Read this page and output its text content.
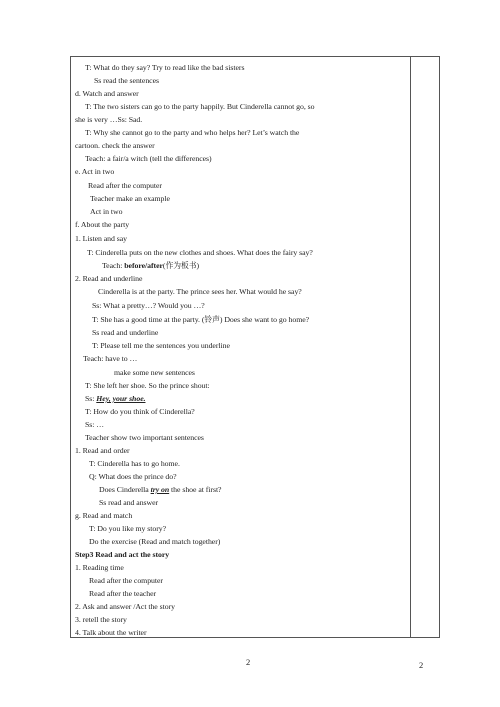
T: What do they say? Try to read like the bad sisters
Ss read the sentences
d. Watch and answer
T: The two sisters can go to the party happily. But Cinderella cannot go, so
she is very …Ss: Sad.
T: Why she cannot go to the party and who helps her? Let’s watch the
cartoon. check the answer
Teach: a fair/a witch (tell the differences)
e. Act in two
Read after the computer
Teacher make an example
Act in two
f. About the party
1. Listen and say
T: Cinderella puts on the new clothes and shoes. What does the fairy say?
Teach: before/after(作为板书)
2. Read and underline
Cinderella is at the party. The prince sees her. What would he say?
Ss: What a pretty…? Would you …?
T: She has a good time at the party. (铃声) Does she want to go home?
Ss read and underline
T: Please tell me the sentences you underline
Teach: have to …
make some new sentences
T: She left her shoe. So the prince shout:
Ss: Hey, your shoe.
T: How do you think of Cinderella?
Ss: …
Teacher show two important sentences
1. Read and order
T: Cinderella has to go home.
Q: What does the prince do?
Does Cinderella try on the shoe at first?
Ss read and answer
g. Read and match
T: Do you like my story?
Do the exercise (Read and match together)
Step3 Read and act the story
1. Reading time
Read after the computer
Read after the teacher
2. Ask and answer /Act the story
3. retell the story
4. Talk about the writer
2	2
